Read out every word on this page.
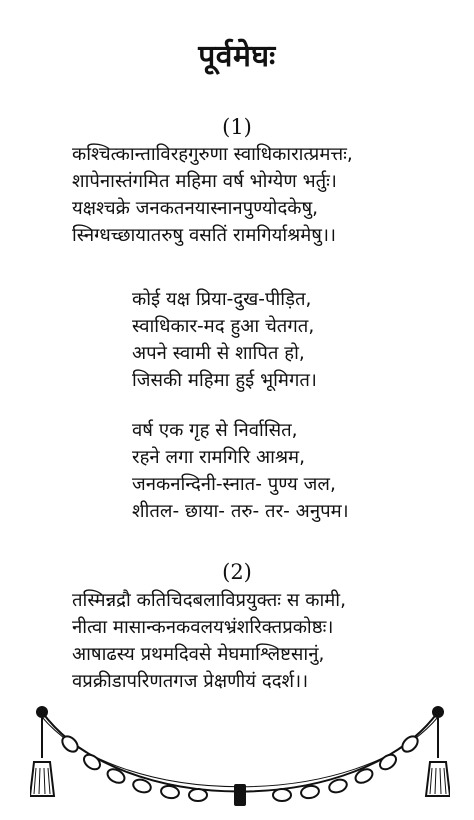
पूर्वमेघः
(1)
कश्चित्कान्ताविरहगुरुणा स्वाधिकारात्प्रमत्तः,
शापेनास्तंगमित महिमा वर्ष भोग्येण भर्तुः।
यक्षश्चक्रे जनकतनयास्नानपुण्योदकेषु,
स्निग्धच्छायातरुषु वसतिं रामगिर्याश्रमेषु।।
कोई यक्ष प्रिया-दुख-पीड़ित,
स्वाधिकार-मद हुआ चेतगत,
अपने स्वामी से शापित हो,
जिसकी महिमा हुई भूमिगत।
वर्ष एक गृह से निर्वासित,
रहने लगा रामगिरि आश्रम,
जनकनन्दिनी-स्नात- पुण्य जल,
शीतल- छाया- तरु- तर- अनुपम।
(2)
तस्मिन्नद्रौ कतिचिदबलाविप्रयुक्तः स कामी,
नीत्वा मासान्कनकवलयभ्रंशरिक्तप्रकोष्ठः।
आषाढस्य प्रथमदिवसे मेघमाश्लिष्टसानुं,
वप्रक्रीडापरिणतगज प्रेक्षणीयं ददर्श।।
